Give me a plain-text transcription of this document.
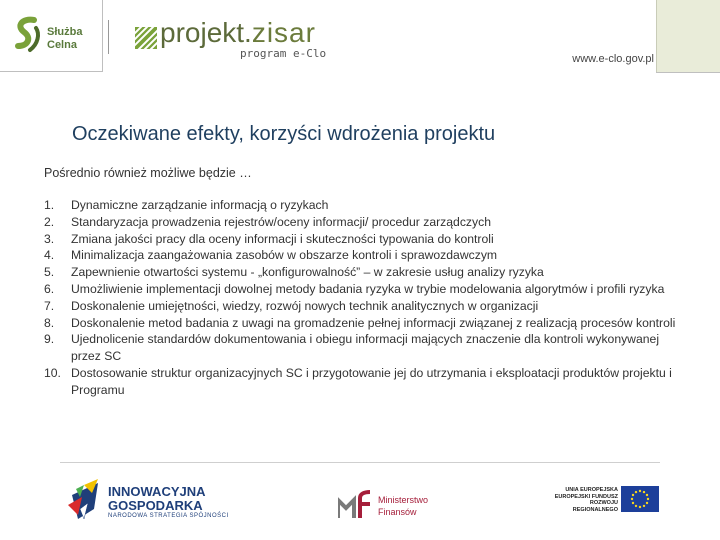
Służba
Celna	projekt.zisar
program e-Clo	www.e-clo.gov.pl
Oczekiwane efekty, korzyści wdrożenia projektu
Pośrednio również możliwe będzie …
1. Dynamiczne zarządzanie informacją o ryzykach
2. Standaryzacja prowadzenia rejestrów/oceny informacji/ procedur zarządczych
3. Zmiana jakości pracy dla oceny informacji i skuteczności typowania do kontroli
4. Minimalizacja zaangażowania zasobów w obszarze kontroli i sprawozdawczym
5. Zapewnienie otwartości systemu - „konfigurowalność” – w zakresie usług analizy ryzyka
6. Umożliwienie implementacji dowolnej metody badania ryzyka w trybie modelowania algorytmów i profili ryzyka
7. Doskonalenie umiejętności, wiedzy, rozwój nowych technik analitycznych w organizacji
8. Doskonalenie metod badania z uwagi na gromadzenie pełnej informacji związanej z realizacją procesów kontroli
9. Ujednolicenie standardów dokumentowania i obiegu informacji mających znaczenie dla kontroli wykonywanej przez SC
10. Dostosowanie struktur organizacyjnych SC i przygotowanie jej do utrzymania i eksploatacji produktów projektu i Programu
INNOWACYJNA
GOSPODARKA
NARODOWA STRATEGIA SPÓJNOŚCI
Ministerstwo
Finansów
UNIA EUROPEJSKA
EUROPEJSKI FUNDUSZ
ROZWOJU REGIONALNEGO
